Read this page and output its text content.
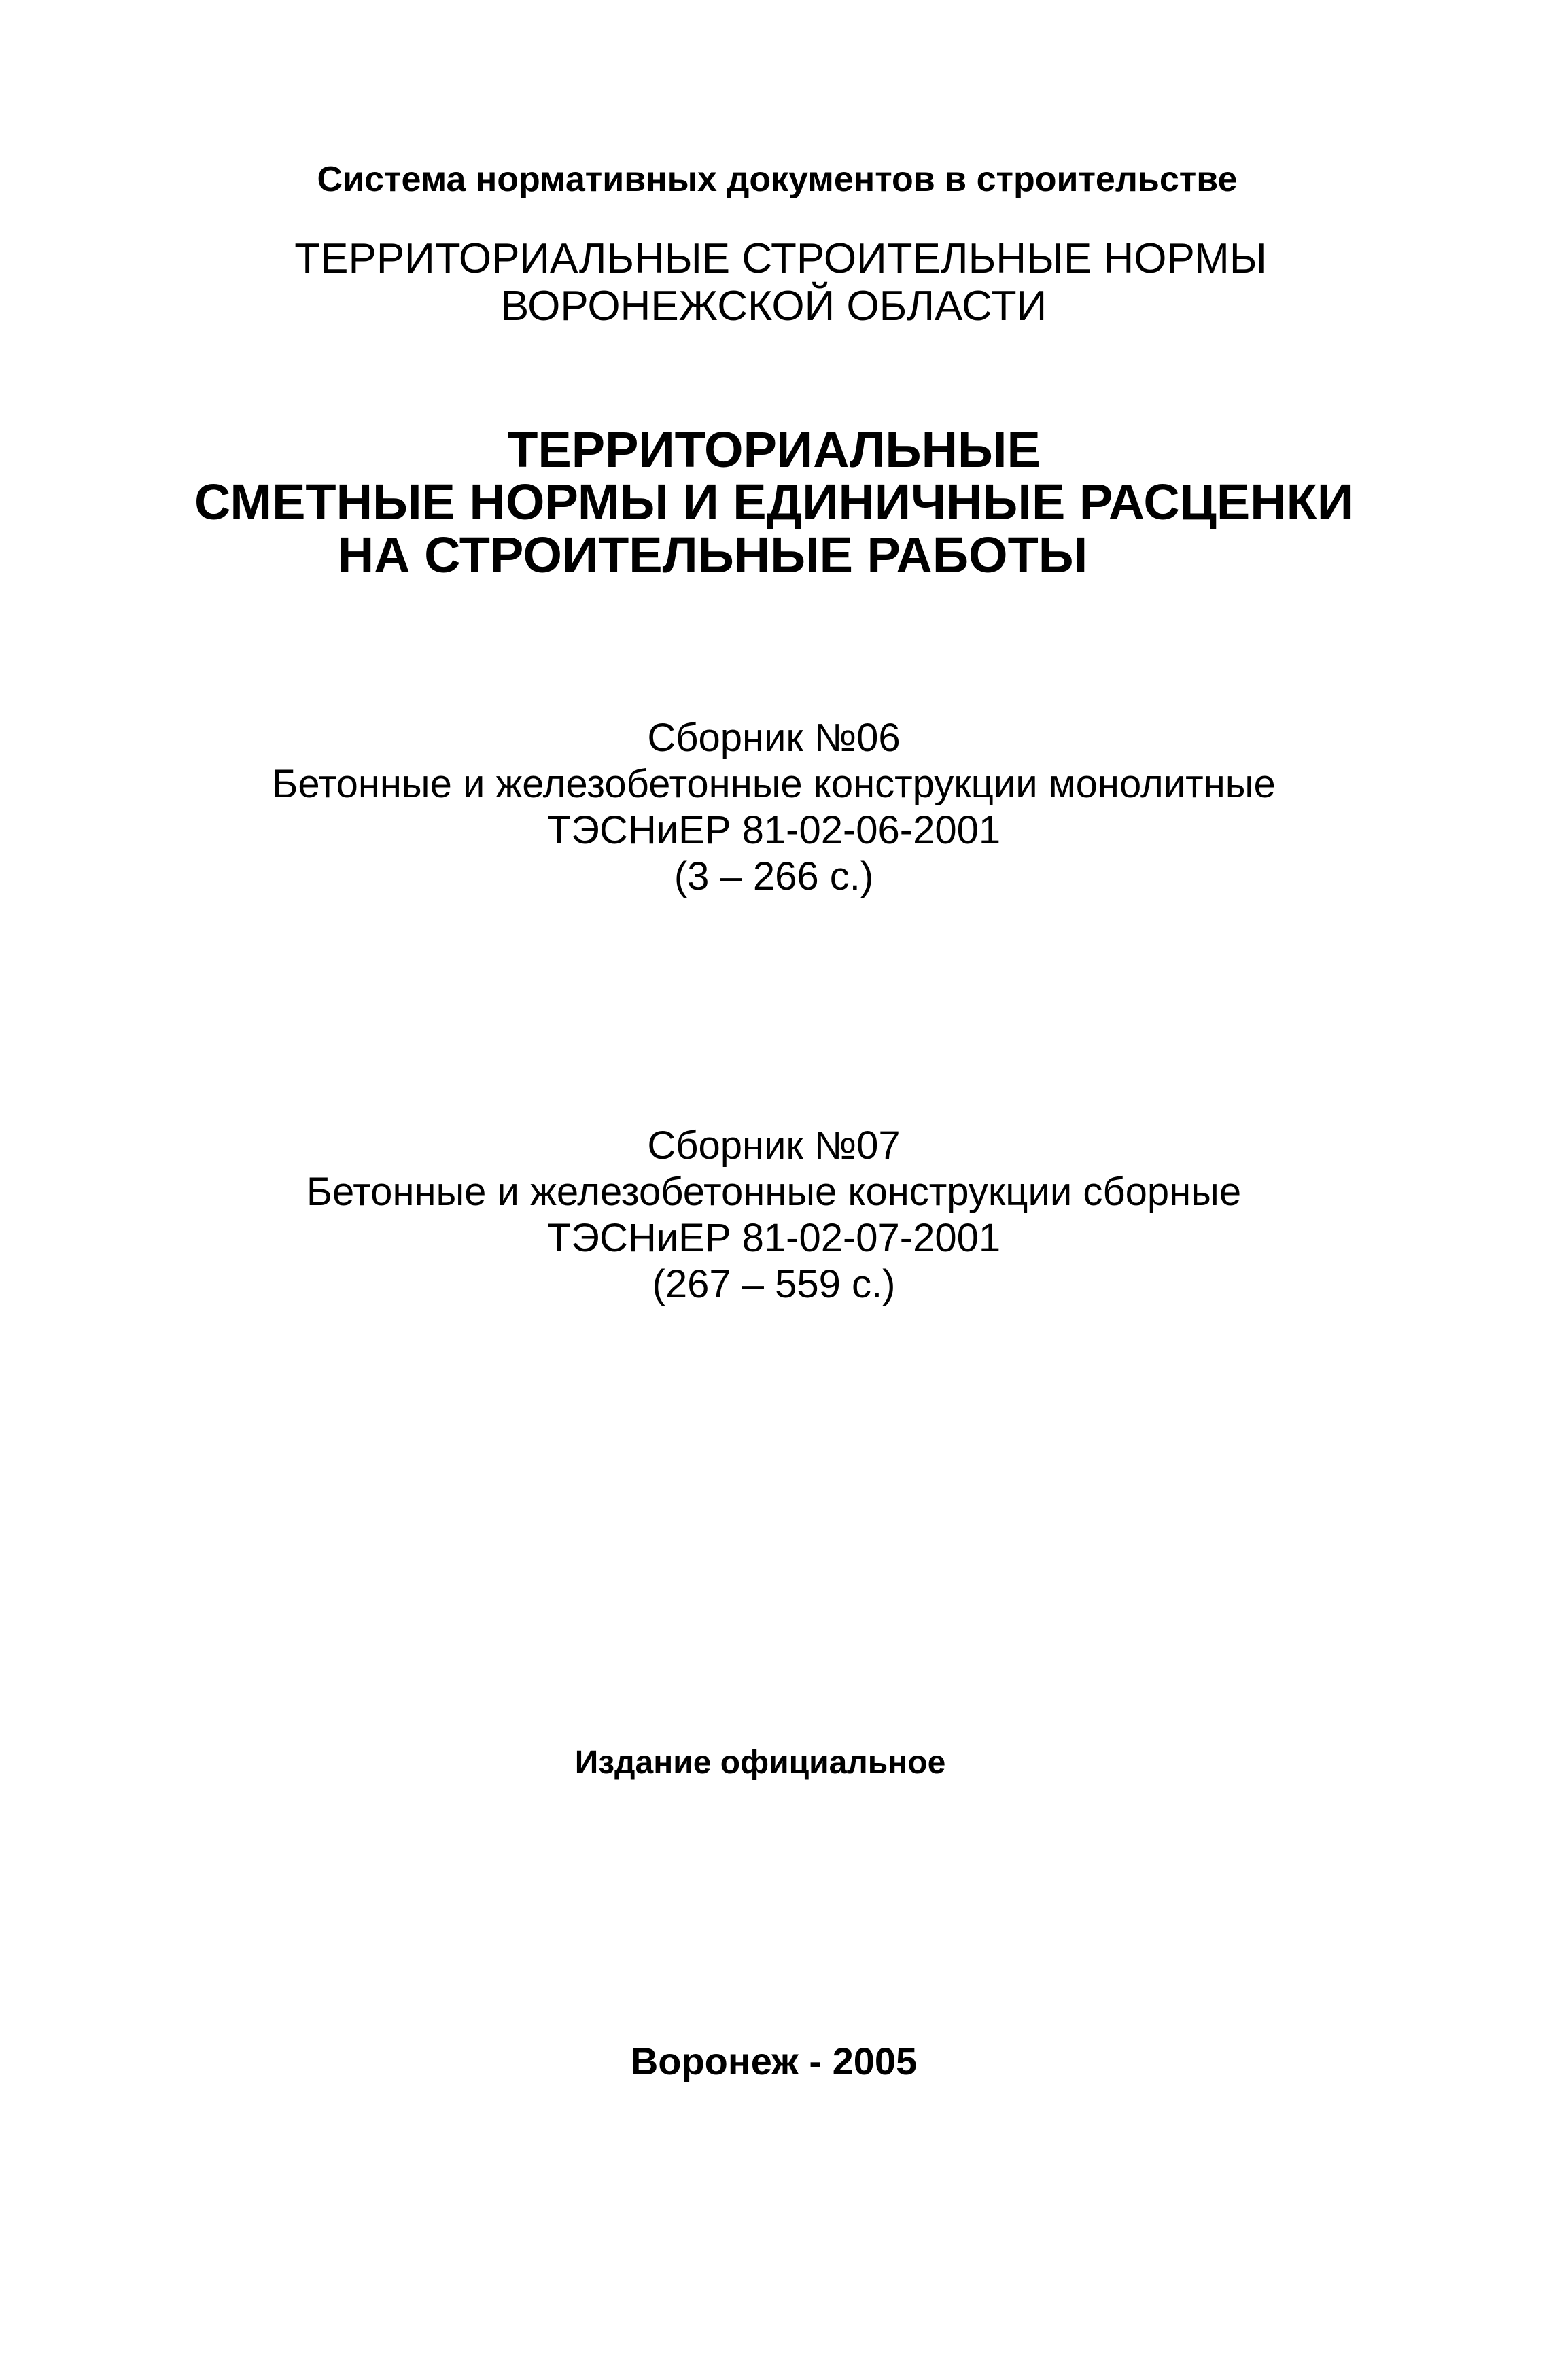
Система нормативных документов в строительстве
ТЕРРИТОРИАЛЬНЫЕ СТРОИТЕЛЬНЫЕ НОРМЫ
ВОРОНЕЖСКОЙ ОБЛАСТИ
ТЕРРИТОРИАЛЬНЫЕ
СМЕТНЫЕ НОРМЫ И ЕДИНИЧНЫЕ РАСЦЕНКИ
НА СТРОИТЕЛЬНЫЕ РАБОТЫ
Сборник №06
Бетонные и железобетонные конструкции монолитные
ТЭСНиЕР 81-02-06-2001
(3 – 266 с.)
Сборник №07
Бетонные и железобетонные конструкции сборные
ТЭСНиЕР 81-02-07-2001
(267 – 559 с.)
Издание официальное
Воронеж - 2005
